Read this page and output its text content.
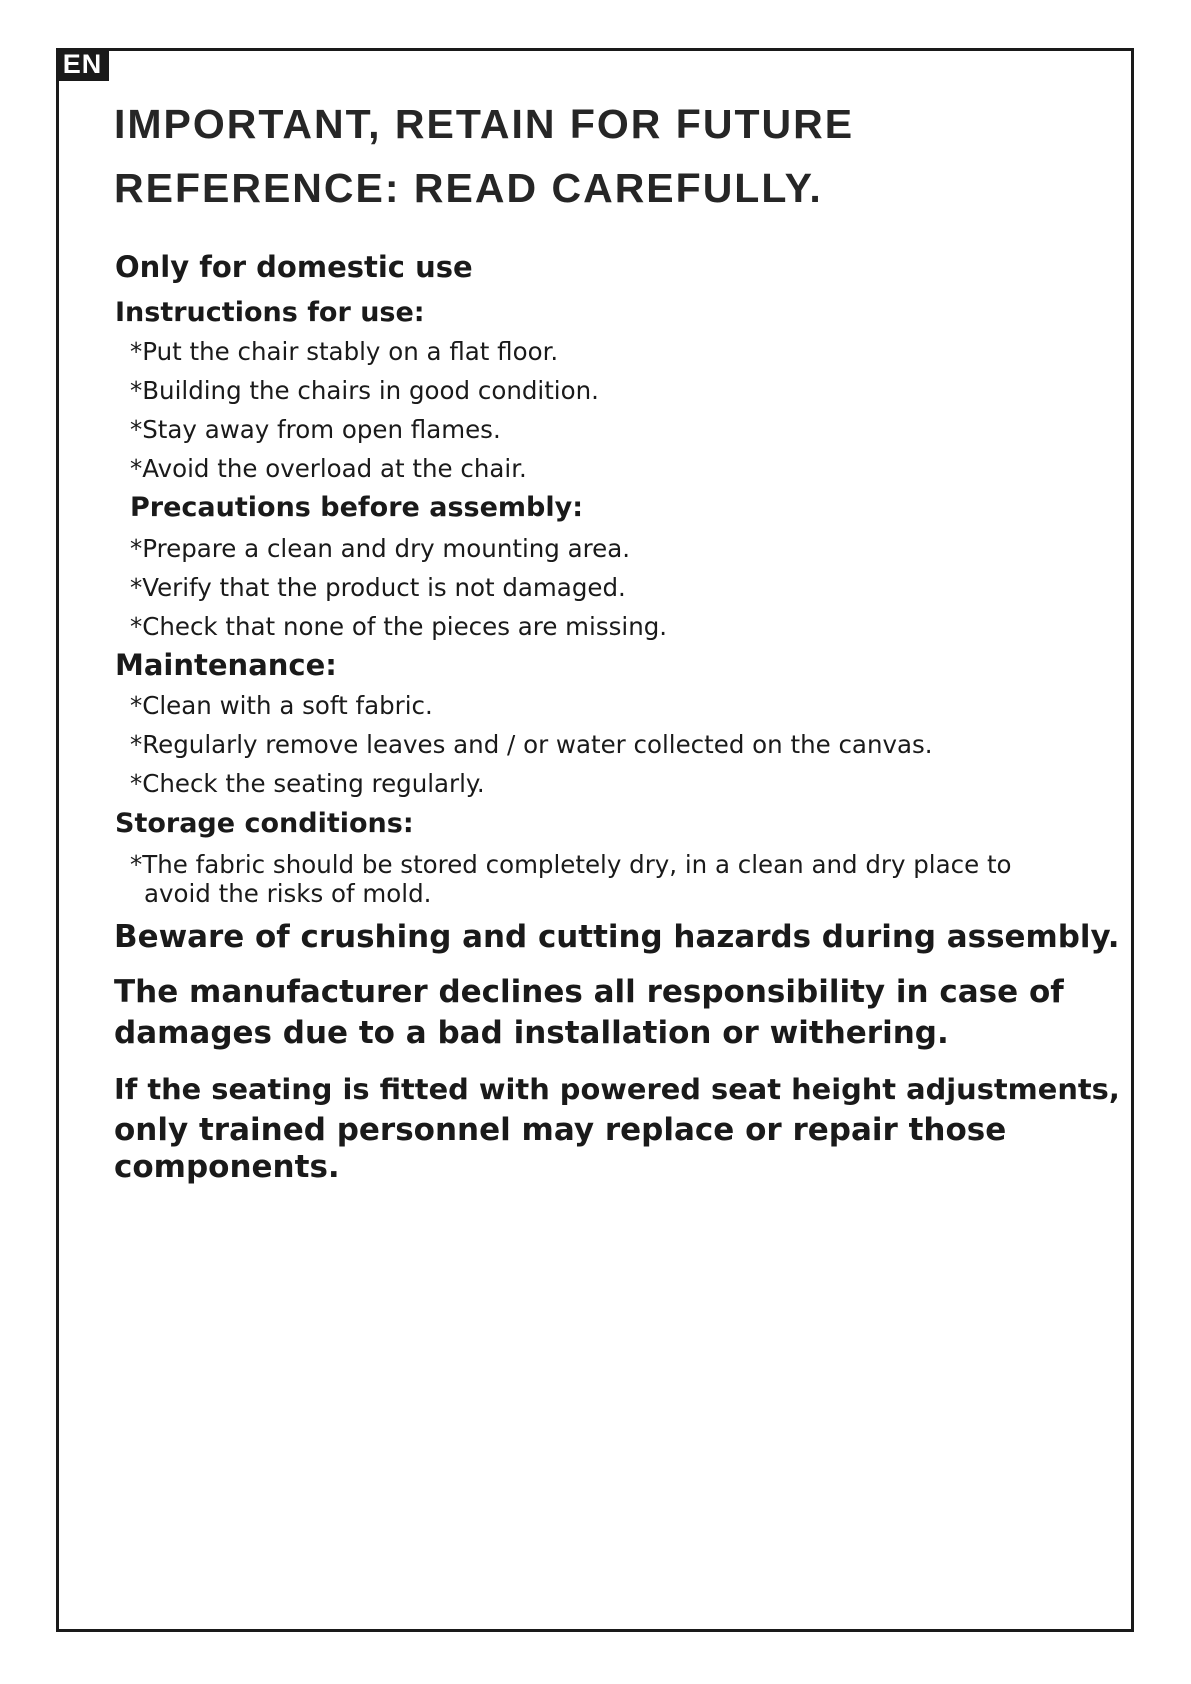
EN
IMPORTANT, RETAIN FOR FUTURE
REFERENCE: READ CAREFULLY.

Only for domestic use

Instructions for use:

*Put the chair stably on a flat floor.

*Building the chairs in good condition.

*Stay away from open flames.

*Avoid the overload at the chair.

Precautions before assembly:

*Prepare a clean and dry mounting area.

*Verify that the product is not damaged.

*Check that none of the pieces are missing.

Maintenance:

*Clean with a soft fabric.

*Regularly remove leaves and / or water collected on the canvas.

*Check the seating regularly.

Storage conditions:

*The fabric should be stored completely dry, in a clean and dry place to

avoid the risks of mold.

Beware of crushing and cutting hazards during assembly.

The manufacturer declines all responsibility in case of

damages due to a bad installation or withering.

If the seating is fitted with powered seat height adjustments,

only trained personnel may replace or repair those

components.
